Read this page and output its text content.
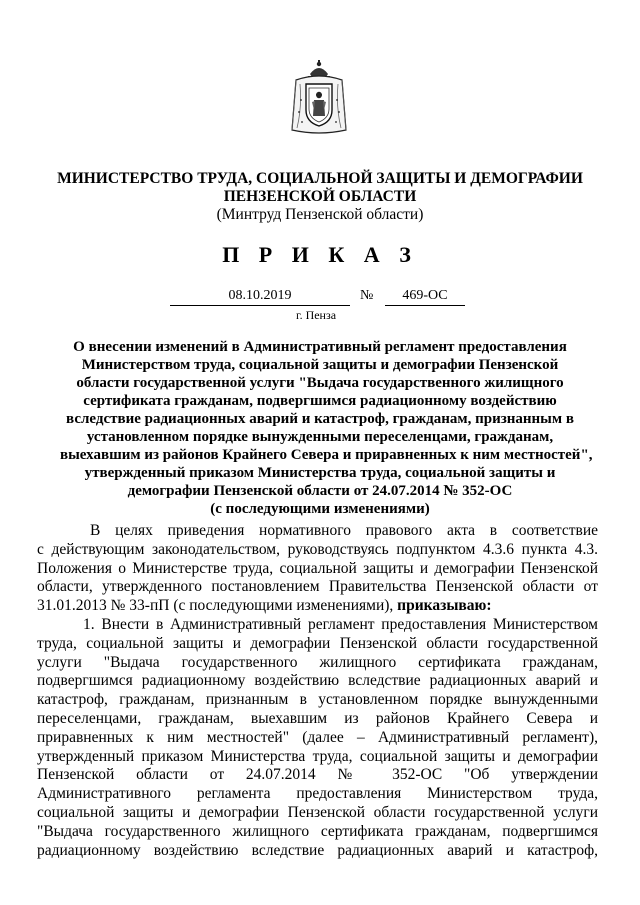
МИНИСТЕРСТВО ТРУДА, СОЦИАЛЬНОЙ ЗАЩИТЫ И ДЕМОГРАФИИ
ПЕНЗЕНСКОЙ ОБЛАСТИ
(Минтруд Пензенской области)
П Р И К А З
08.10.2019	№	469-ОС
г. Пенза
О внесении изменений в Административный регламент предоставления
Министерством труда, социальной защиты и демографии Пензенской
области государственной услуги "Выдача государственного жилищного
сертификата гражданам, подвергшимся радиационному воздействию
вследствие радиационных аварий и катастроф, гражданам, признанным в
установленном порядке вынужденными переселенцами, гражданам,
выехавшим из районов Крайнего Севера и приравненных к ним местностей",
утвержденный приказом Министерства труда, социальной защиты и
демографии Пензенской области от 24.07.2014 № 352-ОС
(с последующими изменениями)
В целях приведения нормативного правового акта в соответствие
с действующим законодательством, руководствуясь подпунктом 4.3.6 пункта 4.3.
Положения о Министерстве труда, социальной защиты и демографии Пензенской
области, утвержденного постановлением Правительства Пензенской области от
31.01.2013 № 33-пП (с последующими изменениями), приказываю:
1. Внести в Административный регламент предоставления Министерством
труда, социальной защиты и демографии Пензенской области государственной
услуги "Выдача государственного жилищного сертификата гражданам,
подвергшимся радиационному воздействию вследствие радиационных аварий и
катастроф, гражданам, признанным в установленном порядке вынужденными
переселенцами, гражданам, выехавшим из районов Крайнего Севера и
приравненных к ним местностей" (далее – Административный регламент),
утвержденный приказом Министерства труда, социальной защиты и демографии
Пензенской области от 24.07.2014 № 352-ОС "Об утверждении
Административного регламента предоставления Министерством труда,
социальной защиты и демографии Пензенской области государственной услуги
"Выдача государственного жилищного сертификата гражданам, подвергшимся
радиационному воздействию вследствие радиационных аварий и катастроф,
